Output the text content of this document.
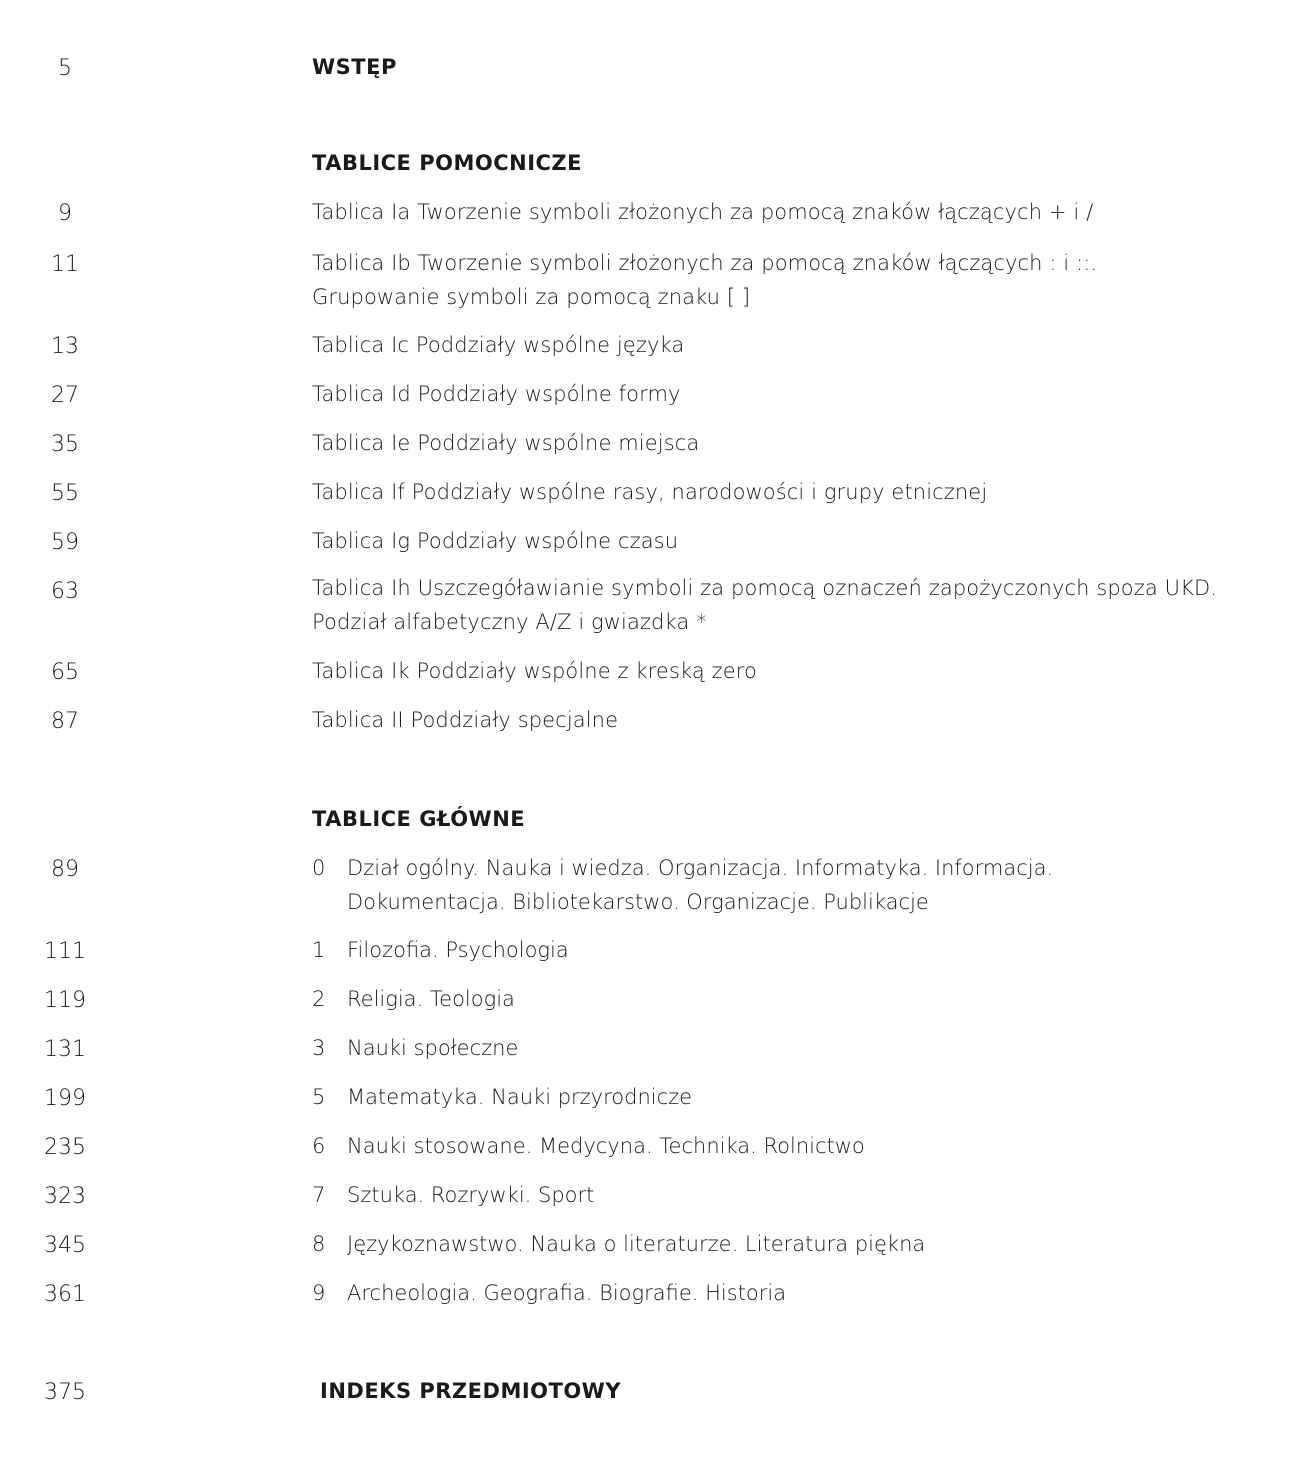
5	WSTĘP
TABLICE POMOCNICZE
9	Tablica Ia Tworzenie symboli złożonych za pomocą znaków łączących + i /
11	Tablica Ib Tworzenie symboli złożonych za pomocą znaków łączących : i ::.
Grupowanie symboli za pomocą znaku [ ]
13	Tablica Ic Poddziały wspólne języka
27	Tablica Id Poddziały wspólne formy
35	Tablica Ie Poddziały wspólne miejsca
55	Tablica If Poddziały wspólne rasy, narodowości i grupy etnicznej
59	Tablica Ig Poddziały wspólne czasu
63	Tablica Ih Uszczegóławianie symboli za pomocą oznaczeń zapożyczonych spoza UKD.
Podział alfabetyczny A/Z i gwiazdka *
65	Tablica Ik Poddziały wspólne z kreską zero
87	Tablica II Poddziały specjalne
TABLICE GŁÓWNE
89	0	Dział ogólny. Nauka i wiedza. Organizacja. Informatyka. Informacja.
Dokumentacja. Bibliotekarstwo. Organizacje. Publikacje
111	1	Filozofia. Psychologia
119	2	Religia. Teologia
131	3	Nauki społeczne
199	5	Matematyka. Nauki przyrodnicze
235	6	Nauki stosowane. Medycyna. Technika. Rolnictwo
323	7	Sztuka. Rozrywki. Sport
345	8	Językoznawstwo. Nauka o literaturze. Literatura piękna
361	9	Archeologia. Geografia. Biografie. Historia
375	INDEKS PRZEDMIOTOWY
